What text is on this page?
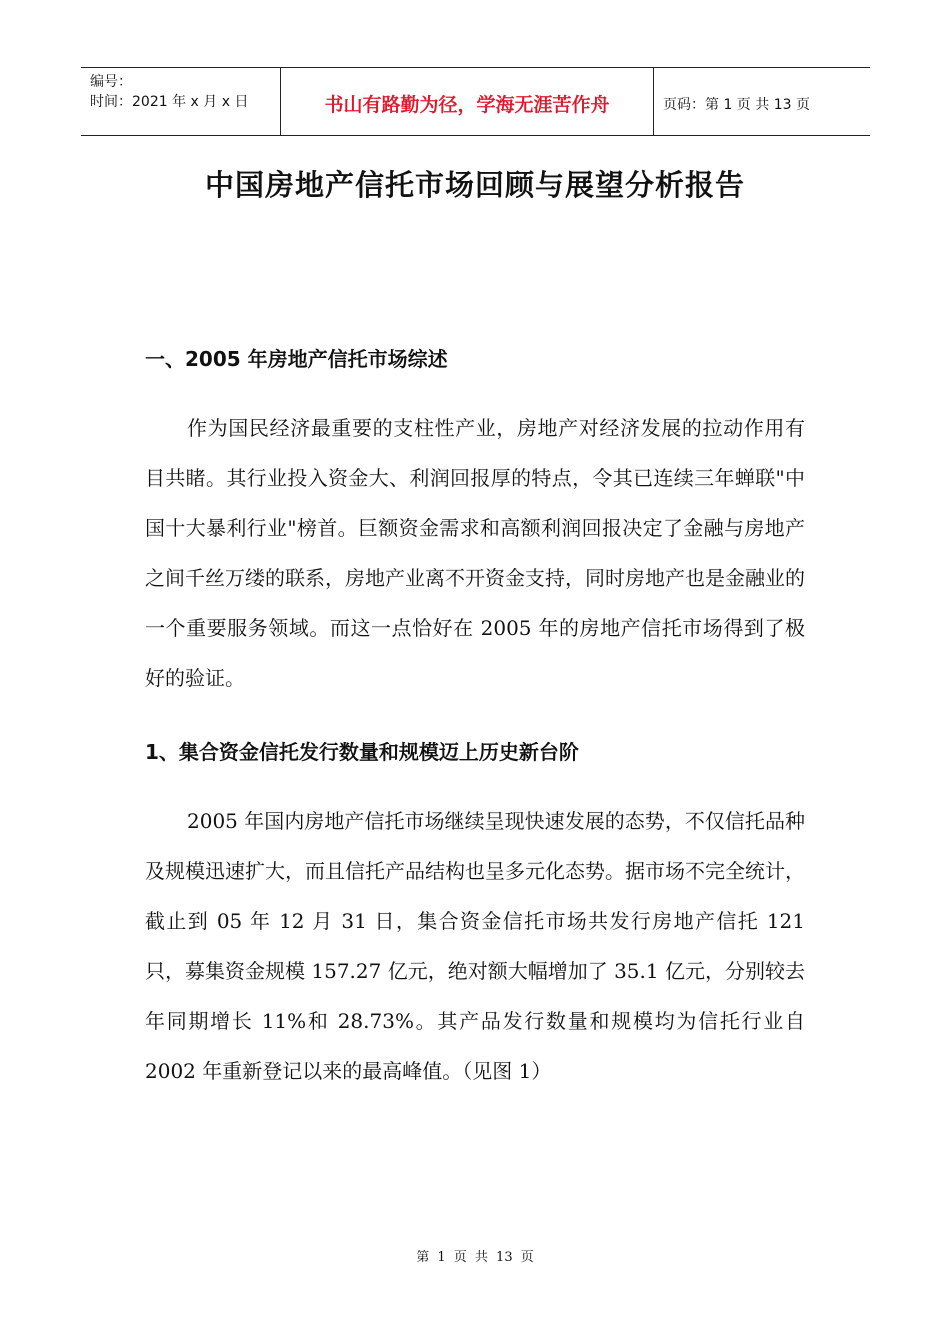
编号：
时间：2021 年 x 月 x 日	书山有路勤为径，学海无涯苦作舟	页码：第 1 页 共 13 页
中国房地产信托市场回顾与展望分析报告
一、2005 年房地产信托市场综述

作为国民经济最重要的支柱性产业，房地产对经济发展的拉动作用有目共睹。其行业投入资金大、利润回报厚的特点，令其已连续三年蝉联"中国十大暴利行业"榜首。巨额资金需求和高额利润回报决定了金融与房地产之间千丝万缕的联系，房地产业离不开资金支持，同时房地产也是金融业的一个重要服务领域。而这一点恰好在 2005 年的房地产信托市场得到了极好的验证。

1、集合资金信托发行数量和规模迈上历史新台阶

2005 年国内房地产信托市场继续呈现快速发展的态势，不仅信托品种及规模迅速扩大，而且信托产品结构也呈多元化态势。据市场不完全统计，截止到 05 年 12 月 31 日，集合资金信托市场共发行房地产信托 121 只，募集资金规模 157.27 亿元，绝对额大幅增加了 35.1 亿元，分别较去年同期增长 11%和 28.73%。其产品发行数量和规模均为信托行业自 2002 年重新登记以来的最高峰值。（见图 1）

第 1 页 共 13 页
